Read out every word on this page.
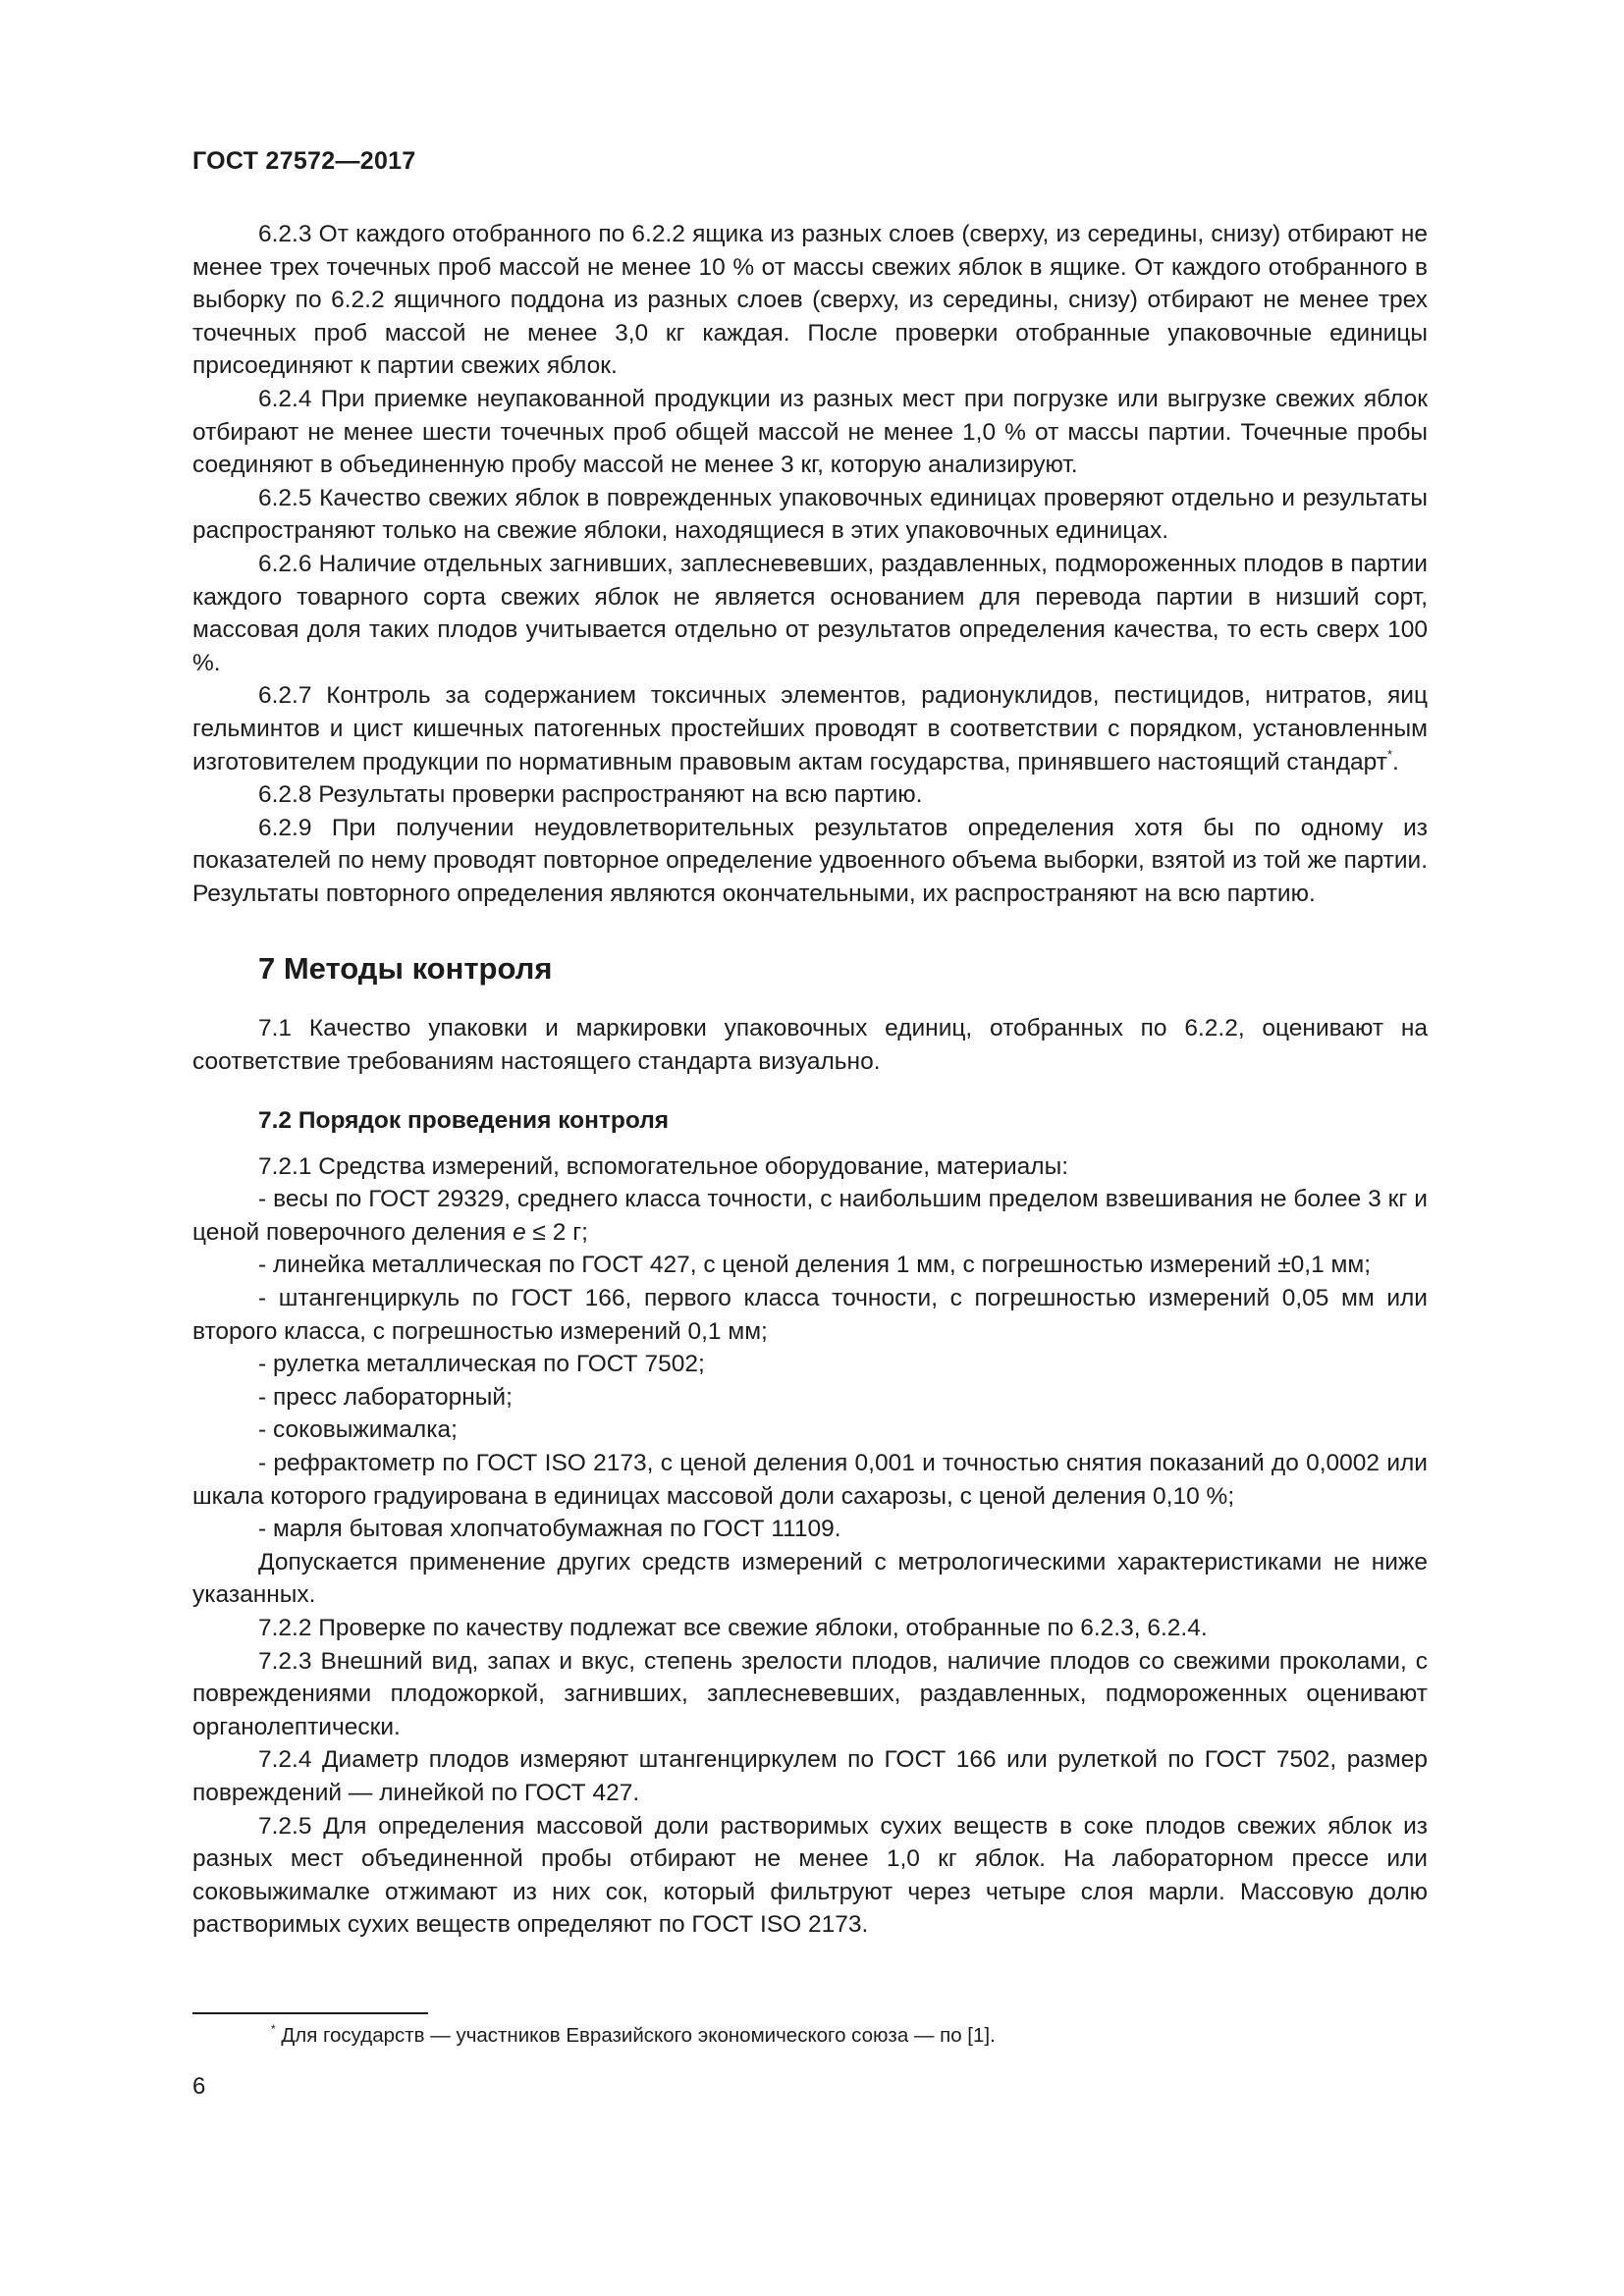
ГОСТ 27572—2017

6.2.3 От каждого отобранного по 6.2.2 ящика из разных слоев (сверху, из середины, снизу) отбирают не менее трех точечных проб массой не менее 10 % от массы свежих яблок в ящике. От каждого отобранного в выборку по 6.2.2 ящичного поддона из разных слоев (сверху, из середины, снизу) отбирают не менее трех точечных проб массой не менее 3,0 кг каждая. После проверки отобранные упаковочные единицы присоединяют к партии свежих яблок.

6.2.4 При приемке неупакованной продукции из разных мест при погрузке или выгрузке свежих яблок отбирают не менее шести точечных проб общей массой не менее 1,0 % от массы партии. Точечные пробы соединяют в объединенную пробу массой не менее 3 кг, которую анализируют.

6.2.5 Качество свежих яблок в поврежденных упаковочных единицах проверяют отдельно и результаты распространяют только на свежие яблоки, находящиеся в этих упаковочных единицах.

6.2.6 Наличие отдельных загнивших, заплесневевших, раздавленных, подмороженных плодов в партии каждого товарного сорта свежих яблок не является основанием для перевода партии в низший сорт, массовая доля таких плодов учитывается отдельно от результатов определения качества, то есть сверх 100 %.

6.2.7 Контроль за содержанием токсичных элементов, радионуклидов, пестицидов, нитратов, яиц гельминтов и цист кишечных патогенных простейших проводят в соответствии с порядком, установленным изготовителем продукции по нормативным правовым актам государства, принявшего настоящий стандарт*.

6.2.8 Результаты проверки распространяют на всю партию.

6.2.9 При получении неудовлетворительных результатов определения хотя бы по одному из показателей по нему проводят повторное определение удвоенного объема выборки, взятой из той же партии. Результаты повторного определения являются окончательными, их распространяют на всю партию.

7 Методы контроля

7.1 Качество упаковки и маркировки упаковочных единиц, отобранных по 6.2.2, оценивают на соответствие требованиям настоящего стандарта визуально.

7.2 Порядок проведения контроля

7.2.1 Средства измерений, вспомогательное оборудование, материалы:

- весы по ГОСТ 29329, среднего класса точности, с наибольшим пределом взвешивания не более 3 кг и ценой поверочного деления e ≤ 2 г;

- линейка металлическая по ГОСТ 427, с ценой деления 1 мм, с погрешностью измерений ±0,1 мм;

- штангенциркуль по ГОСТ 166, первого класса точности, с погрешностью измерений 0,05 мм или второго класса, с погрешностью измерений 0,1 мм;

- рулетка металлическая по ГОСТ 7502;

- пресс лабораторный;

- соковыжималка;

- рефрактометр по ГОСТ ISO 2173, с ценой деления 0,001 и точностью снятия показаний до 0,0002 или шкала которого градуирована в единицах массовой доли сахарозы, с ценой деления 0,10 %;

- марля бытовая хлопчатобумажная по ГОСТ 11109.

Допускается применение других средств измерений с метрологическими характеристиками не ниже указанных.

7.2.2 Проверке по качеству подлежат все свежие яблоки, отобранные по 6.2.3, 6.2.4.

7.2.3 Внешний вид, запах и вкус, степень зрелости плодов, наличие плодов со свежими проколами, с повреждениями плодожоркой, загнивших, заплесневевших, раздавленных, подмороженных оценивают органолептически.

7.2.4 Диаметр плодов измеряют штангенциркулем по ГОСТ 166 или рулеткой по ГОСТ 7502, размер повреждений — линейкой по ГОСТ 427.

7.2.5 Для определения массовой доли растворимых сухих веществ в соке плодов свежих яблок из разных мест объединенной пробы отбирают не менее 1,0 кг яблок. На лабораторном прессе или соковыжималке отжимают из них сок, который фильтруют через четыре слоя марли. Массовую долю растворимых сухих веществ определяют по ГОСТ ISO 2173.

* Для государств — участников Евразийского экономического союза — по [1].
6
